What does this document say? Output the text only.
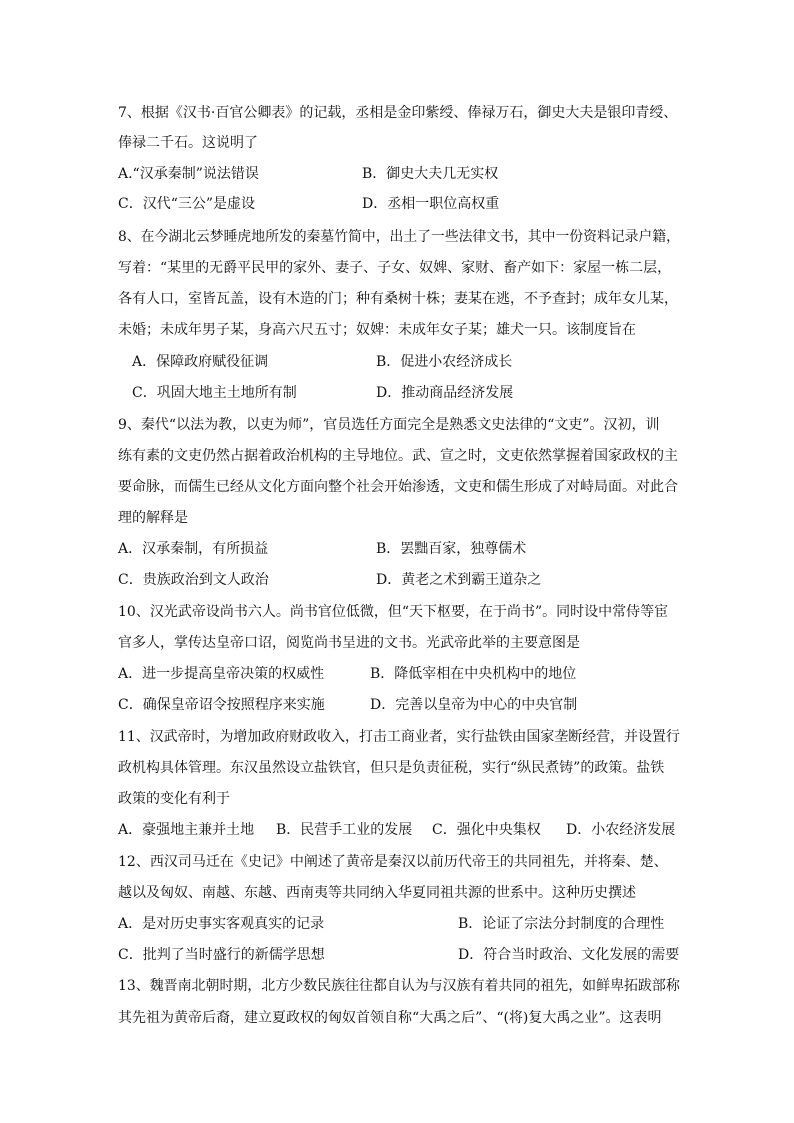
7、根据《汉书·百官公卿表》的记载，丞相是金印紫绶、俸禄万石，御史大夫是银印青绶、
俸禄二千石。这说明了
A.“汉承秦制”说法错误	B．御史大夫几无实权
C．汉代“三公”是虚设	D．丞相一职位高权重
8、在今湖北云梦睡虎地所发的秦墓竹简中，出土了一些法律文书，其中一份资料记录户籍，
写着：“某里的无爵平民甲的家外、妻子、子女、奴婢、家财、畜产如下：家屋一栋二层，
各有人口，室皆瓦盖，设有木造的门；种有桑树十株；妻某在逃，不予查封；成年女儿某，
未婚；未成年男子某，身高六尺五寸；奴婢：未成年女子某；雄犬一只。该制度旨在
A．保障政府赋役征调	B．促进小农经济成长
C．巩固大地主土地所有制	D．推动商品经济发展
9、秦代“以法为教，以吏为师”，官员选任方面完全是熟悉文史法律的“文吏”。汉初，训
练有素的文吏仍然占据着政治机构的主导地位。武、宣之时，文吏依然掌握着国家政权的主
要命脉，而儒生已经从文化方面向整个社会开始渗透，文吏和儒生形成了对峙局面。对此合
理的解释是
A．汉承秦制，有所损益	B．罢黜百家，独尊儒术
C．贵族政治到文人政治	D．黄老之术到霸王道杂之
10、汉光武帝设尚书六人。尚书官位低微，但“天下枢要，在于尚书”。同时设中常侍等宦
官多人，掌传达皇帝口诏，阅览尚书呈进的文书。光武帝此举的主要意图是
A．进一步提高皇帝决策的权威性	B．降低宰相在中央机构中的地位
C．确保皇帝诏令按照程序来实施	D．完善以皇帝为中心的中央官制
11、汉武帝时，为增加政府财政收入，打击工商业者，实行盐铁由国家垄断经营，并设置行
政机构具体管理。东汉虽然设立盐铁官，但只是负责征税，实行“纵民煮铸”的政策。盐铁
政策的变化有利于
A．豪强地主兼并土地 B．民营手工业的发展 C．强化中央集权 D．小农经济发展
12、西汉司马迁在《史记》中阐述了黄帝是秦汉以前历代帝王的共同祖先，并将秦、楚、
越以及匈奴、南越、东越、西南夷等共同纳入华夏同祖共源的世系中。这种历史撰述
A．是对历史事实客观真实的记录	B．论证了宗法分封制度的合理性
C．批判了当时盛行的新儒学思想	D．符合当时政治、文化发展的需要
13、魏晋南北朝时期，北方少数民族往往都自认为与汉族有着共同的祖先，如鲜卑拓跋部称
其先祖为黄帝后裔，建立夏政权的匈奴首领自称“大禹之后”、“(将)复大禹之业”。这表明
